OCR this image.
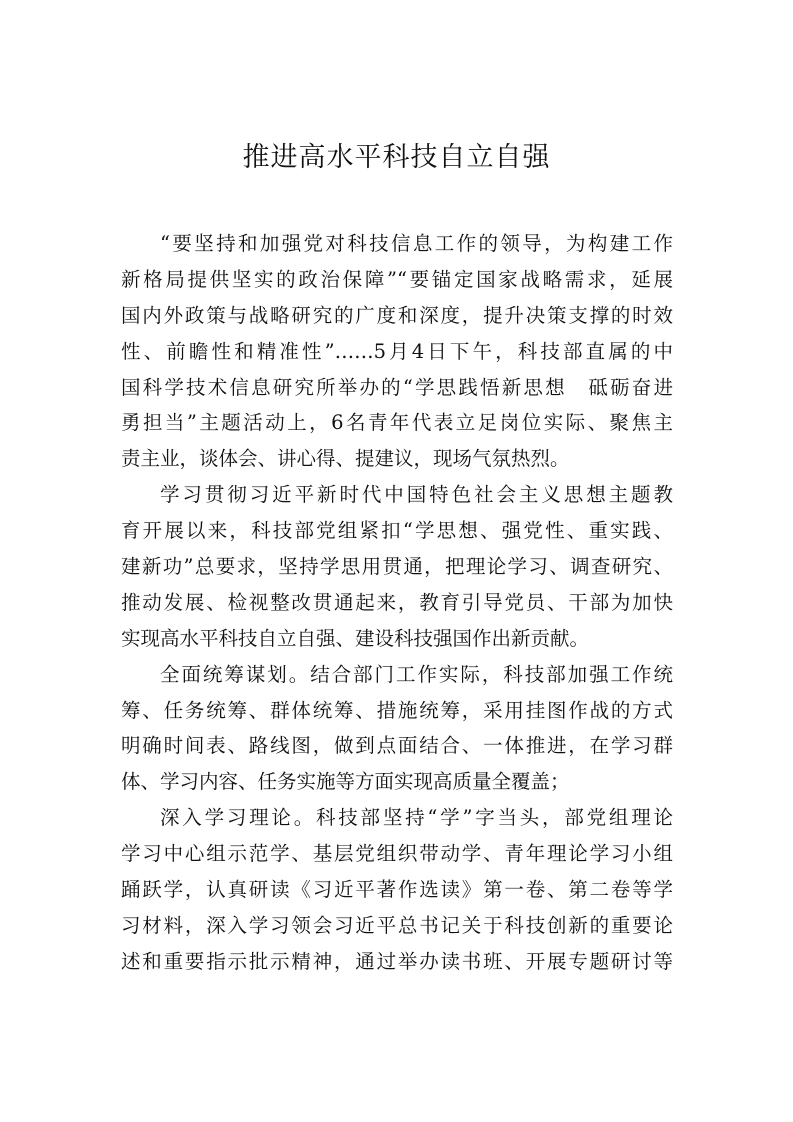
推进高水平科技自立自强
“要坚持和加强党对科技信息工作的领导，为构建工作
新格局提供坚实的政治保障”“要锚定国家战略需求，延展
国内外政策与战略研究的广度和深度，提升决策支撑的时效
性、前瞻性和精准性”……5月4日下午，科技部直属的中
国科学技术信息研究所举办的“学思践悟新思想　砥砺奋进
勇担当”主题活动上，6名青年代表立足岗位实际、聚焦主
责主业，谈体会、讲心得、提建议，现场气氛热烈。
学习贯彻习近平新时代中国特色社会主义思想主题教
育开展以来，科技部党组紧扣“学思想、强党性、重实践、
建新功”总要求，坚持学思用贯通，把理论学习、调查研究、
推动发展、检视整改贯通起来，教育引导党员、干部为加快
实现高水平科技自立自强、建设科技强国作出新贡献。
全面统筹谋划。结合部门工作实际，科技部加强工作统
筹、任务统筹、群体统筹、措施统筹，采用挂图作战的方式
明确时间表、路线图，做到点面结合、一体推进，在学习群
体、学习内容、任务实施等方面实现高质量全覆盖；
深入学习理论。科技部坚持“学”字当头，部党组理论
学习中心组示范学、基层党组织带动学、青年理论学习小组
踊跃学，认真研读《习近平著作选读》第一卷、第二卷等学
习材料，深入学习领会习近平总书记关于科技创新的重要论
述和重要指示批示精神，通过举办读书班、开展专题研讨等
